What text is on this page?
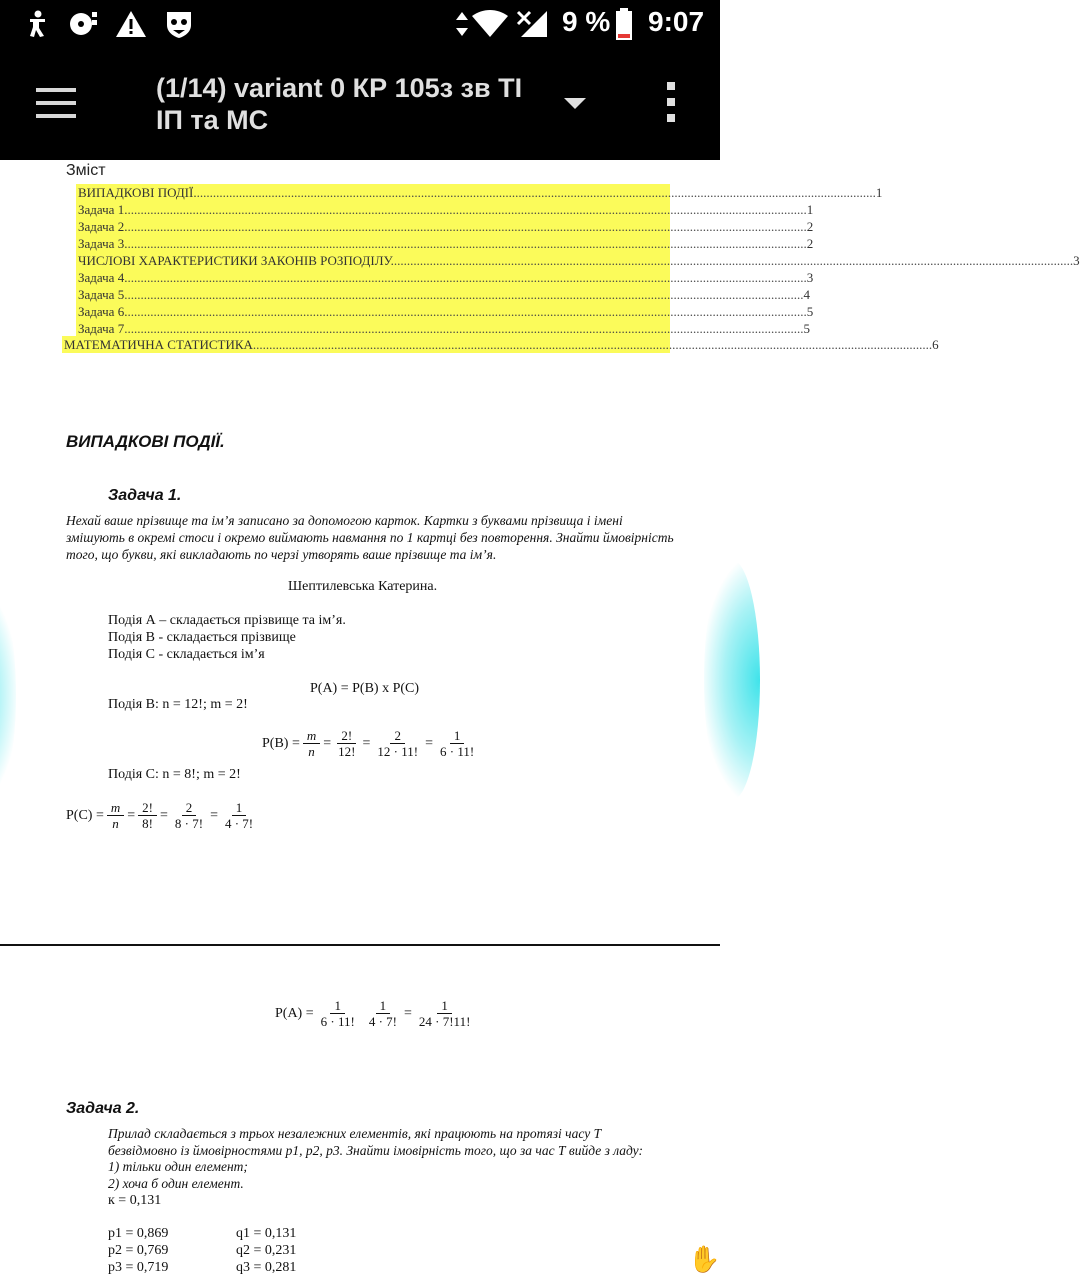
9 % 9:07
(1/14) variant 0 КР 105з зв ТІ ІП та МС
Зміст
ВИПАДКОВІ ПОДІЇ. ................................................................................................................................................................................................................. 1
Задача 1. ................................................................................................................................................................................................................. 1
Задача 2. ................................................................................................................................................................................................................. 2
Задача 3. ................................................................................................................................................................................................................. 2
ЧИСЛОВІ ХАРАКТЕРИСТИКИ ЗАКОНІВ РОЗПОДІЛУ. ................................................................................................................................................................................................................. 3
Задача 4. ................................................................................................................................................................................................................. 3
Задача 5 ................................................................................................................................................................................................................. 4
Задача 6. ................................................................................................................................................................................................................. 5
Задача 7 ................................................................................................................................................................................................................. 5
МАТЕМАТИЧНА СТАТИСТИКА ................................................................................................................................................................................................................. 6
ВИПАДКОВІ ПОДІЇ.
Задача 1.
Нехай ваше прізвище та ім’я записано за допомогою карток. Картки з буквами прізвища і імені змішують в окремі стоси і окремо виймають навмання по 1 картці без повторення. Знайти ймовірність того, що букви, які викладають по черзі утворять ваше прізвище та ім’я.
Шептилевська Катерина.
Подія А – складається прізвище та ім’я.
Подія В - складається прізвище
Подія С - складається ім’я
P(A) = P(B) x P(C)
Подія В: n = 12!; m = 2!
$P(B) = \frac{m}{n} = \frac{2!}{12!} = \frac{2}{12 \cdot 11!} = \frac{1}{6 \cdot 11!}$
Подія С: n = 8!; m = 2!
$P(C) = \frac{m}{n} = \frac{2!}{8!} = \frac{2}{8 \cdot 7!} = \frac{1}{4 \cdot 7!}$
$P(A) = \frac{1}{6 \cdot 11!} \frac{1}{4 \cdot 7!} = \frac{1}{24 \cdot 7!11!}$
Задача 2.
Прилад складається з трьох незалежних елементів, які працюють на протязі часу Т безвідмовно із ймовірностями p1, p2, p3. Знайти імовірність того, що за час Т вийде з ладу:
1) тільки один елемент;
2) хоча б один елемент.
к = 0,131
p1 = 0,869	q1 = 0,131
p2 = 0,769	q2 = 0,231
p3 = 0,719	q3 = 0,281	✋
